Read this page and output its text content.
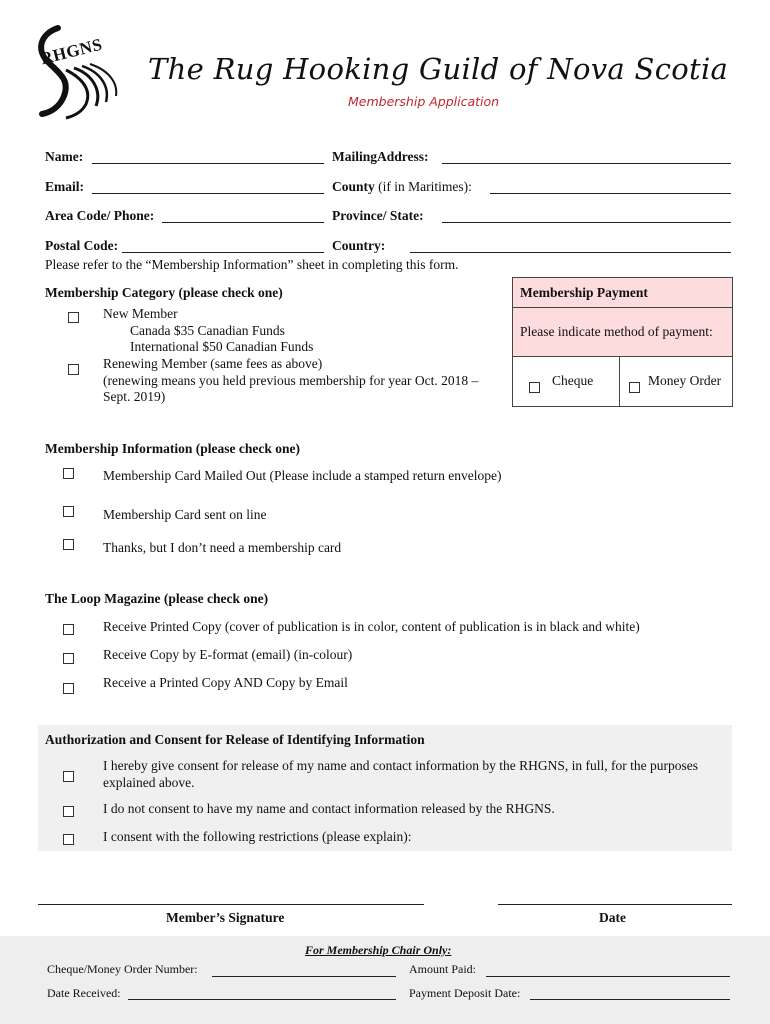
RHGNS
The Rug Hooking Guild of Nova Scotia
Membership Application
Name:	MailingAddress:
Email:	County (if in Maritimes):
Area Code/ Phone:	Province/ State:
Postal Code:	Country:
Please refer to the “Membership Information” sheet in completing this form.
Membership Category (please check one)
New Member
Canada $35 Canadian Funds
International $50 Canadian Funds
Renewing Member (same fees as above)
(renewing means you held previous membership for year Oct. 2018 –
Sept. 2019)
Membership Payment
Please indicate method of payment:
Cheque	Money Order
Membership Information (please check one)
Membership Card Mailed Out (Please include a stamped return envelope)
Membership Card sent on line
Thanks, but I don’t need a membership card
The Loop Magazine (please check one)
Receive Printed Copy (cover of publication is in color, content of publication is in black and white)
Receive Copy by E-format (email) (in-colour)
Receive a Printed Copy AND Copy by Email
Authorization and Consent for Release of Identifying Information
I hereby give consent for release of my name and contact information by the RHGNS, in full, for the purposes
explained above.
I do not consent to have my name and contact information released by the RHGNS.
I consent with the following restrictions (please explain):
Member’s Signature	Date
For Membership Chair Only:
Cheque/Money Order Number:	Amount Paid:
Date Received:	Payment Deposit Date:
